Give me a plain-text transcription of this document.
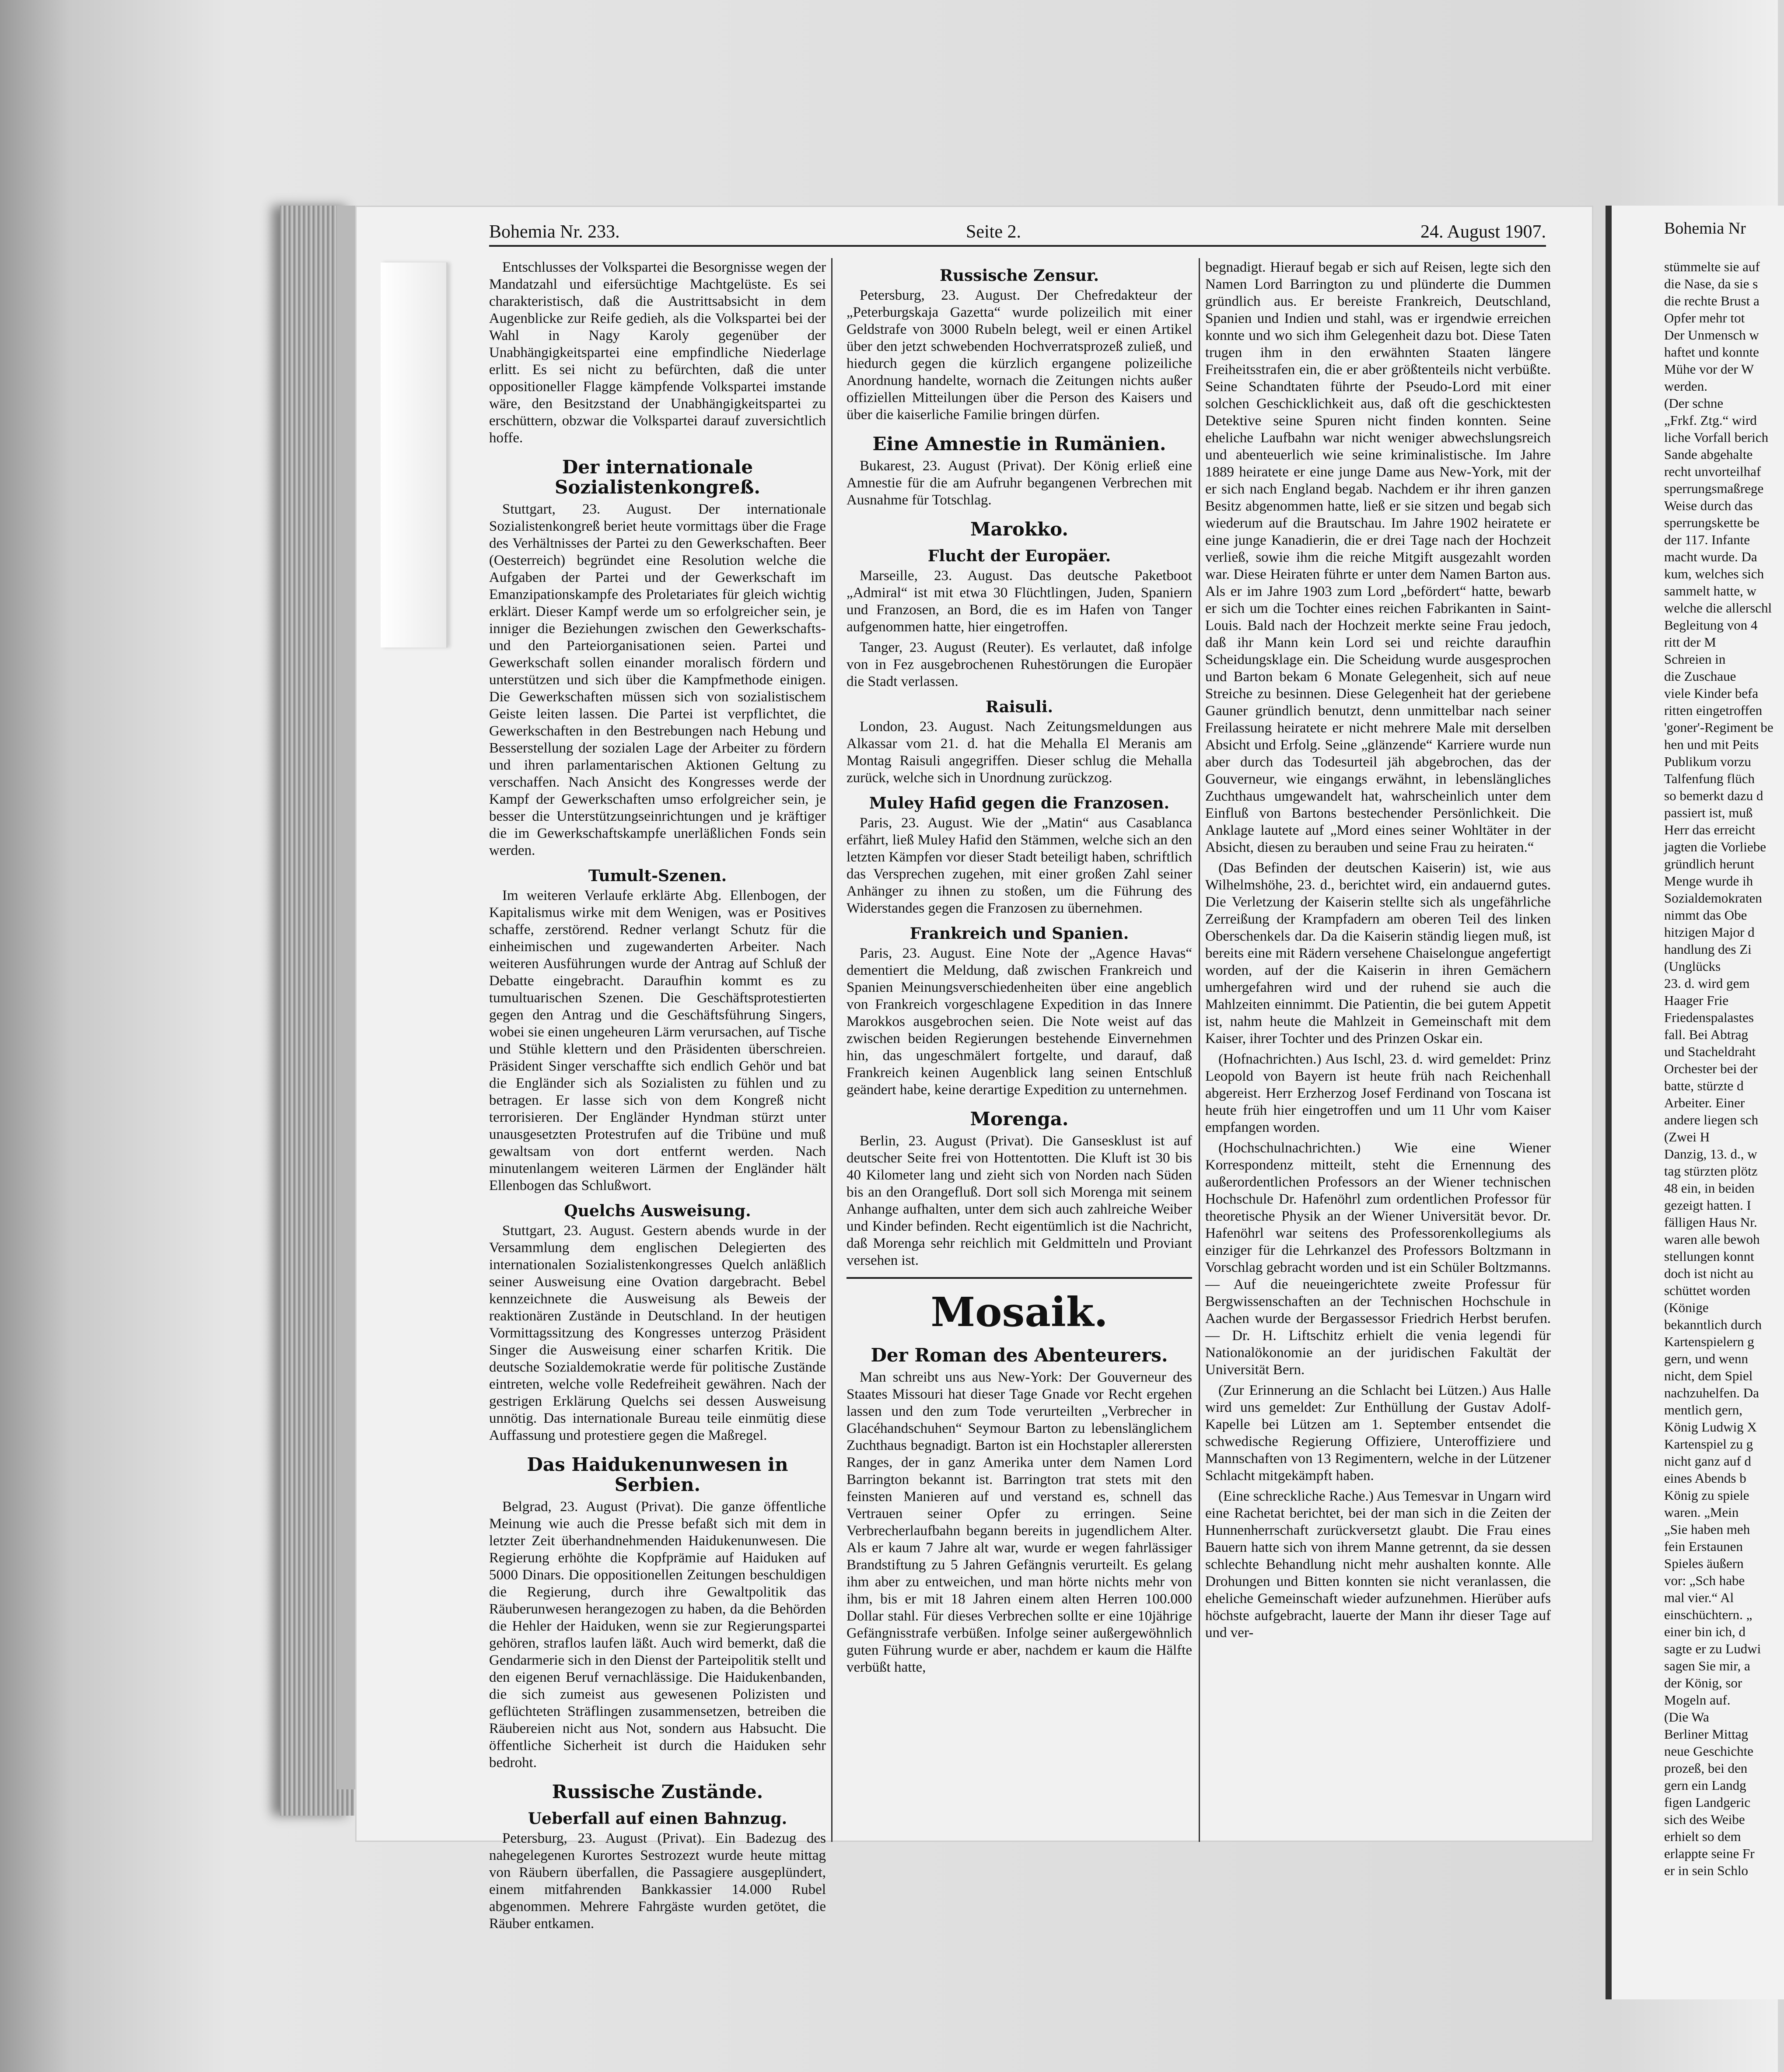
Bohemia Nr. 233.	Seite 2.	24. August 1907.

Entschlusses der Volkspartei die Besorgnisse wegen der Mandatzahl und eifersüchtige Machtgelüste. Es sei charakteristisch, daß die Austrittsabsicht in dem Augenblicke zur Reife gedieh, als die Volkspartei bei der Wahl in Nagy Karoly gegenüber der Unabhängigkeitspartei eine empfindliche Niederlage erlitt. Es sei nicht zu befürchten, daß die unter oppositioneller Flagge kämpfende Volkspartei imstande wäre, den Besitzstand der Unabhängigkeitspartei zu erschüttern, obzwar die Volkspartei darauf zuversichtlich hoffe.

Der internationale Sozialistenkongreß.

Stuttgart, 23. August. Der internationale Sozialistenkongreß beriet heute vormittags über die Frage des Verhältnisses der Partei zu den Gewerkschaften. Beer (Oesterreich) begründet eine Resolution welche die Aufgaben der Partei und der Gewerkschaft im Emanzipationskampfe des Proletariates für gleich wichtig erklärt. Dieser Kampf werde um so erfolgreicher sein, je inniger die Beziehungen zwischen den Gewerkschafts- und den Parteiorganisationen seien. Partei und Gewerkschaft sollen einander moralisch fördern und unterstützen und sich über die Kampfmethode einigen. Die Gewerkschaften müssen sich von sozialistischem Geiste leiten lassen. Die Partei ist verpflichtet, die Gewerkschaften in den Bestrebungen nach Hebung und Besserstellung der sozialen Lage der Arbeiter zu fördern und ihren parlamentarischen Aktionen Geltung zu verschaffen. Nach Ansicht des Kongresses werde der Kampf der Gewerkschaften umso erfolgreicher sein, je besser die Unterstützungseinrichtungen und je kräftiger die im Gewerkschaftskampfe unerläßlichen Fonds sein werden.

Tumult-Szenen.

Im weiteren Verlaufe erklärte Abg. Ellenbogen, der Kapitalismus wirke mit dem Wenigen, was er Positives schaffe, zerstörend. Redner verlangt Schutz für die einheimischen und zugewanderten Arbeiter. Nach weiteren Ausführungen wurde der Antrag auf Schluß der Debatte eingebracht. Daraufhin kommt es zu tumultuarischen Szenen. Die Geschäftsprotestierten gegen den Antrag und die Geschäftsführung Singers, wobei sie einen ungeheuren Lärm verursachen, auf Tische und Stühle klettern und den Präsidenten überschreien. Präsident Singer verschaffte sich endlich Gehör und bat die Engländer sich als Sozialisten zu fühlen und zu betragen. Er lasse sich von dem Kongreß nicht terrorisieren. Der Engländer Hyndman stürzt unter unausgesetzten Protestrufen auf die Tribüne und muß gewaltsam von dort entfernt werden. Nach minutenlangem weiteren Lärmen der Engländer hält Ellenbogen das Schlußwort.

Quelchs Ausweisung.

Stuttgart, 23. August. Gestern abends wurde in der Versammlung dem englischen Delegierten des internationalen Sozialistenkongresses Quelch anläßlich seiner Ausweisung eine Ovation dargebracht. Bebel kennzeichnete die Ausweisung als Beweis der reaktionären Zustände in Deutschland. In der heutigen Vormittagssitzung des Kongresses unterzog Präsident Singer die Ausweisung einer scharfen Kritik. Die deutsche Sozialdemokratie werde für politische Zustände eintreten, welche volle Redefreiheit gewähren. Nach der gestrigen Erklärung Quelchs sei dessen Ausweisung unnötig. Das internationale Bureau teile einmütig diese Auffassung und protestiere gegen die Maßregel.

Das Haidukenunwesen in Serbien.

Belgrad, 23. August (Privat). Die ganze öffentliche Meinung wie auch die Presse befaßt sich mit dem in letzter Zeit überhandnehmenden Haidukenunwesen. Die Regierung erhöhte die Kopfprämie auf Haiduken auf 5000 Dinars. Die oppositionellen Zeitungen beschuldigen die Regierung, durch ihre Gewaltpolitik das Räuberunwesen herangezogen zu haben, da die Behörden die Hehler der Haiduken, wenn sie zur Regierungspartei gehören, straflos laufen läßt. Auch wird bemerkt, daß die Gendarmerie sich in den Dienst der Parteipolitik stellt und den eigenen Beruf vernachlässige. Die Haidukenbanden, die sich zumeist aus gewesenen Polizisten und geflüchteten Sträflingen zusammensetzen, betreiben die Räubereien nicht aus Not, sondern aus Habsucht. Die öffentliche Sicherheit ist durch die Haiduken sehr bedroht.

Russische Zustände.
Ueberfall auf einen Bahnzug.

Petersburg, 23. August (Privat). Ein Badezug des nahegelegenen Kurortes Sestrozezt wurde heute mittag von Räubern überfallen, die Passagiere ausgeplündert, einem mitfahrenden Bankkassier 14.000 Rubel abgenommen. Mehrere Fahrgäste wurden getötet, die Räuber entkamen.

Russische Zensur.

Petersburg, 23. August. Der Chefredakteur der „Peterburgskaja Gazetta“ wurde polizeilich mit einer Geldstrafe von 3000 Rubeln belegt, weil er einen Artikel über den jetzt schwebenden Hochverratsprozeß zuließ, und hiedurch gegen die kürzlich ergangene polizeiliche Anordnung handelte, wornach die Zeitungen nichts außer offiziellen Mitteilungen über die Person des Kaisers und über die kaiserliche Familie bringen dürfen.

Eine Amnestie in Rumänien.

Bukarest, 23. August (Privat). Der König erließ eine Amnestie für die am Aufruhr begangenen Verbrechen mit Ausnahme für Totschlag.

Marokko.
Flucht der Europäer.

Marseille, 23. August. Das deutsche Paketboot „Admiral“ ist mit etwa 30 Flüchtlingen, Juden, Spaniern und Franzosen, an Bord, die es im Hafen von Tanger aufgenommen hatte, hier eingetroffen.

Tanger, 23. August (Reuter). Es verlautet, daß infolge von in Fez ausgebrochenen Ruhestörungen die Europäer die Stadt verlassen.

Raisuli.

London, 23. August. Nach Zeitungsmeldungen aus Alkassar vom 21. d. hat die Mehalla El Meranis am Montag Raisuli angegriffen. Dieser schlug die Mehalla zurück, welche sich in Unordnung zurückzog.

Muley Hafid gegen die Franzosen.

Paris, 23. August. Wie der „Matin“ aus Casablanca erfährt, ließ Muley Hafid den Stämmen, welche sich an den letzten Kämpfen vor dieser Stadt beteiligt haben, schriftlich das Versprechen zugehen, mit einer großen Zahl seiner Anhänger zu ihnen zu stoßen, um die Führung des Widerstandes gegen die Franzosen zu übernehmen.

Frankreich und Spanien.

Paris, 23. August. Eine Note der „Agence Havas“ dementiert die Meldung, daß zwischen Frankreich und Spanien Meinungsverschiedenheiten über eine angeblich von Frankreich vorgeschlagene Expedition in das Innere Marokkos ausgebrochen seien. Die Note weist auf das zwischen beiden Regierungen bestehende Einvernehmen hin, das ungeschmälert fortgelte, und darauf, daß Frankreich keinen Augenblick lang seinen Entschluß geändert habe, keine derartige Expedition zu unternehmen.

Morenga.

Berlin, 23. August (Privat). Die Gansesklust ist auf deutscher Seite frei von Hottentotten. Die Kluft ist 30 bis 40 Kilometer lang und zieht sich von Norden nach Süden bis an den Orangefluß. Dort soll sich Morenga mit seinem Anhange aufhalten, unter dem sich auch zahlreiche Weiber und Kinder befinden. Recht eigentümlich ist die Nachricht, daß Morenga sehr reichlich mit Geldmitteln und Proviant versehen ist.

Mosaik.
Der Roman des Abenteurers.

Man schreibt uns aus New-York: Der Gouverneur des Staates Missouri hat dieser Tage Gnade vor Recht ergehen lassen und den zum Tode verurteilten „Verbrecher in Glacéhandschuhen“ Seymour Barton zu lebenslänglichem Zuchthaus begnadigt. Barton ist ein Hochstapler allerersten Ranges, der in ganz Amerika unter dem Namen Lord Barrington bekannt ist. Barrington trat stets mit den feinsten Manieren auf und verstand es, schnell das Vertrauen seiner Opfer zu erringen. Seine Verbrecherlaufbahn begann bereits in jugendlichem Alter. Als er kaum 7 Jahre alt war, wurde er wegen fahrlässiger Brandstiftung zu 5 Jahren Gefängnis verurteilt. Es gelang ihm aber zu entweichen, und man hörte nichts mehr von ihm, bis er mit 18 Jahren einem alten Herren 100.000 Dollar stahl. Für dieses Verbrechen sollte er eine 10jährige Gefängnisstrafe verbüßen. Infolge seiner außergewöhnlich guten Führung wurde er aber, nachdem er kaum die Hälfte verbüßt hatte,

begnadigt. Hierauf begab er sich auf Reisen, legte sich den Namen Lord Barrington zu und plünderte die Dummen gründlich aus. Er bereiste Frankreich, Deutschland, Spanien und Indien und stahl, was er irgendwie erreichen konnte und wo sich ihm Gelegenheit dazu bot. Diese Taten trugen ihm in den erwähnten Staaten längere Freiheitsstrafen ein, die er aber größtenteils nicht verbüßte. Seine Schandtaten führte der Pseudo-Lord mit einer solchen Geschicklichkeit aus, daß oft die geschicktesten Detektive seine Spuren nicht finden konnten. Seine eheliche Laufbahn war nicht weniger abwechslungsreich und abenteuerlich wie seine kriminalistische. Im Jahre 1889 heiratete er eine junge Dame aus New-York, mit der er sich nach England begab. Nachdem er ihr ihren ganzen Besitz abgenommen hatte, ließ er sie sitzen und begab sich wiederum auf die Brautschau. Im Jahre 1902 heiratete er eine junge Kanadierin, die er drei Tage nach der Hochzeit verließ, sowie ihm die reiche Mitgift ausgezahlt worden war. Diese Heiraten führte er unter dem Namen Barton aus. Als er im Jahre 1903 zum Lord „befördert“ hatte, bewarb er sich um die Tochter eines reichen Fabrikanten in Saint-Louis. Bald nach der Hochzeit merkte seine Frau jedoch, daß ihr Mann kein Lord sei und reichte daraufhin Scheidungsklage ein. Die Scheidung wurde ausgesprochen und Barton bekam 6 Monate Gelegenheit, sich auf neue Streiche zu besinnen. Diese Gelegenheit hat der geriebene Gauner gründlich benutzt, denn unmittelbar nach seiner Freilassung heiratete er nicht mehrere Male mit derselben Absicht und Erfolg. Seine „glänzende“ Karriere wurde nun aber durch das Todesurteil jäh abgebrochen, das der Gouverneur, wie eingangs erwähnt, in lebenslängliches Zuchthaus umgewandelt hat, wahrscheinlich unter dem Einfluß von Bartons bestechender Persönlichkeit. Die Anklage lautete auf „Mord eines seiner Wohltäter in der Absicht, diesen zu berauben und seine Frau zu heiraten.“

(Das Befinden der deutschen Kaiserin) ist, wie aus Wilhelmshöhe, 23. d., berichtet wird, ein andauernd gutes. Die Verletzung der Kaiserin stellte sich als ungefährliche Zerreißung der Krampfadern am oberen Teil des linken Oberschenkels dar. Da die Kaiserin ständig liegen muß, ist bereits eine mit Rädern versehene Chaiselongue angefertigt worden, auf der die Kaiserin in ihren Gemächern umhergefahren wird und der ruhend sie auch die Mahlzeiten einnimmt. Die Patientin, die bei gutem Appetit ist, nahm heute die Mahlzeit in Gemeinschaft mit dem Kaiser, ihrer Tochter und des Prinzen Oskar ein.

(Hofnachrichten.) Aus Ischl, 23. d. wird gemeldet: Prinz Leopold von Bayern ist heute früh nach Reichenhall abgereist. Herr Erzherzog Josef Ferdinand von Toscana ist heute früh hier eingetroffen und um 11 Uhr vom Kaiser empfangen worden.

(Hochschulnachrichten.) Wie eine Wiener Korrespondenz mitteilt, steht die Ernennung des außerordentlichen Professors an der Wiener technischen Hochschule Dr. Hafenöhrl zum ordentlichen Professor für theoretische Physik an der Wiener Universität bevor. Dr. Hafenöhrl war seitens des Professorenkollegiums als einziger für die Lehrkanzel des Professors Boltzmann in Vorschlag gebracht worden und ist ein Schüler Boltzmanns. — Auf die neueingerichtete zweite Professur für Bergwissenschaften an der Technischen Hochschule in Aachen wurde der Bergassessor Friedrich Herbst berufen. — Dr. H. Liftschitz erhielt die venia legendi für Nationalökonomie an der juridischen Fakultät der Universität Bern.

(Zur Erinnerung an die Schlacht bei Lützen.) Aus Halle wird uns gemeldet: Zur Enthüllung der Gustav Adolf-Kapelle bei Lützen am 1. September entsendet die schwedische Regierung Offiziere, Unteroffiziere und Mannschaften von 13 Regimentern, welche in der Lützener Schlacht mitgekämpft haben.

(Eine schreckliche Rache.) Aus Temesvar in Ungarn wird eine Rachetat berichtet, bei der man sich in die Zeiten der Hunnenherrschaft zurückversetzt glaubt. Die Frau eines Bauern hatte sich von ihrem Manne getrennt, da sie dessen schlechte Behandlung nicht mehr aushalten konnte. Alle Drohungen und Bitten konnten sie nicht veranlassen, die eheliche Gemeinschaft wieder aufzunehmen. Hierüber aufs höchste aufgebracht, lauerte der Mann ihr dieser Tage auf und ver-

Bohemia Nr
stümmelte sie auf
die Nase, da sie s
die rechte Brust a
Opfer mehr tot
Der Unmensch w
haftet und konnte
Mühe vor der W
werden.
(Der schne
„Frkf. Ztg.“ wird
liche Vorfall berich
Sande abgehalte
recht unvorteilhaf
sperrungsmaßrege
Weise durch das
sperrungskette be
der 117. Infante
macht wurde. Da
kum, welches sich
sammelt hatte, w
welche die allerschl
Begleitung von 4
ritt der M
Schreien in
die Zuschaue
viele Kinder befa
ritten eingetroffen
'goner'-Regiment be
hen und mit Peits
Publikum vorzu
Talfenfung flüch
so bemerkt dazu d
passiert ist, muß
Herr das erreicht
jagten die Vorliebe
gründlich herunt
Menge wurde ih
Sozialdemokraten
nimmt das Obe
hitzigen Major d
handlung des Zi
(Unglücks
23. d. wird gem
Haager Frie
Friedenspalastes
fall. Bei Abtrag
und Stacheldraht
Orchester bei der
batte, stürzte d
Arbeiter. Einer
andere liegen sch
(Zwei H
Danzig, 13. d., w
tag stürzten plötz
48 ein, in beiden
gezeigt hatten. I
fälligen Haus Nr.
waren alle bewoh
stellungen konnt
doch ist nicht au
schüttet worden
(Könige
bekanntlich durch
Kartenspielern g
gern, und wenn
nicht, dem Spiel
nachzuhelfen. Da
mentlich gern,
König Ludwig X
Kartenspiel zu g
nicht ganz auf d
eines Abends b
König zu spiele
waren. „Mein
„Sie haben meh
fein Erstaunen
Spieles äußern
vor: „Sch habe
mal vier.“ Al
einschüchtern. „
einer bin ich, d
sagte er zu Ludwi
sagen Sie mir, a
der König, sor
Mogeln auf.
(Die Wa
Berliner Mittag
neue Geschichte
prozeß, bei den
gern ein Landg
figen Landgeric
sich des Weibe
erhielt so dem
erlappte seine Fr
er in sein Schlo
